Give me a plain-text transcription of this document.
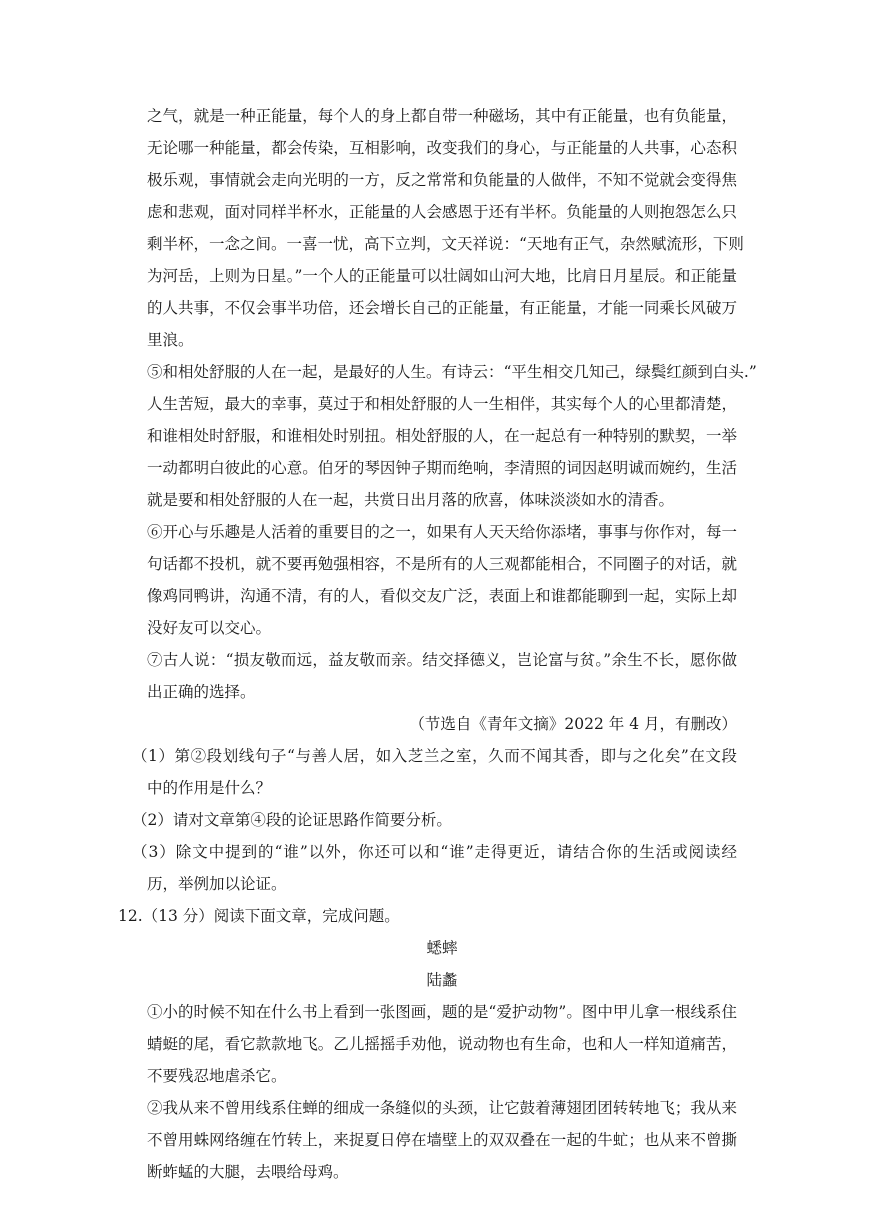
之气，就是一种正能量，每个人的身上都自带一种磁场，其中有正能量，也有负能量，
无论哪一种能量，都会传染，互相影响，改变我们的身心，与正能量的人共事，心态积
极乐观，事情就会走向光明的一方，反之常常和负能量的人做伴，不知不觉就会变得焦
虑和悲观，面对同样半杯水，正能量的人会感恩于还有半杯。负能量的人则抱怨怎么只
剩半杯，一念之间。一喜一忧，高下立判，文天祥说：“天地有正气，杂然赋流形，下则
为河岳，上则为日星。”一个人的正能量可以壮阔如山河大地，比肩日月星辰。和正能量
的人共事，不仅会事半功倍，还会增长自己的正能量，有正能量，才能一同乘长风破万
里浪。
⑤和相处舒服的人在一起，是最好的人生。有诗云：“平生相交几知己，绿鬓红颜到白头.”
人生苦短，最大的幸事，莫过于和相处舒服的人一生相伴，其实每个人的心里都清楚，
和谁相处时舒服，和谁相处时别扭。相处舒服的人，在一起总有一种特别的默契，一举
一动都明白彼此的心意。伯牙的琴因钟子期而绝响，李清照的词因赵明诚而婉约，生活
就是要和相处舒服的人在一起，共赏日出月落的欣喜，体味淡淡如水的清香。
⑥开心与乐趣是人活着的重要目的之一，如果有人天天给你添堵，事事与你作对，每一
句话都不投机，就不要再勉强相容，不是所有的人三观都能相合，不同圈子的对话，就
像鸡同鸭讲，沟通不清，有的人，看似交友广泛，表面上和谁都能聊到一起，实际上却
没好友可以交心。
⑦古人说：“损友敬而远，益友敬而亲。结交择德义，岂论富与贫。”余生不长，愿你做
出正确的选择。
（节选自《青年文摘》2022 年 4 月，有删改）
（1）第②段划线句子“与善人居，如入芝兰之室，久而不闻其香，即与之化矣”在文段
中的作用是什么？
（2）请对文章第④段的论证思路作简要分析。
（3）除文中提到的“谁”以外，你还可以和“谁”走得更近，请结合你的生活或阅读经
历，举例加以论证。
12.（13 分）阅读下面文章，完成问题。
蟋蟀
陆蠡
①小的时候不知在什么书上看到一张图画，题的是“爱护动物”。图中甲儿拿一根线系住
蜻蜓的尾，看它款款地飞。乙儿摇摇手劝他，说动物也有生命，也和人一样知道痛苦，
不要残忍地虐杀它。
②我从来不曾用线系住蝉的细成一条缝似的头颈，让它鼓着薄翅团团转转地飞；我从来
不曾用蛛网络缠在竹转上，来捉夏日停在墙壁上的双双叠在一起的牛虻；也从来不曾撕
断蚱蜢的大腿，去喂给母鸡。
